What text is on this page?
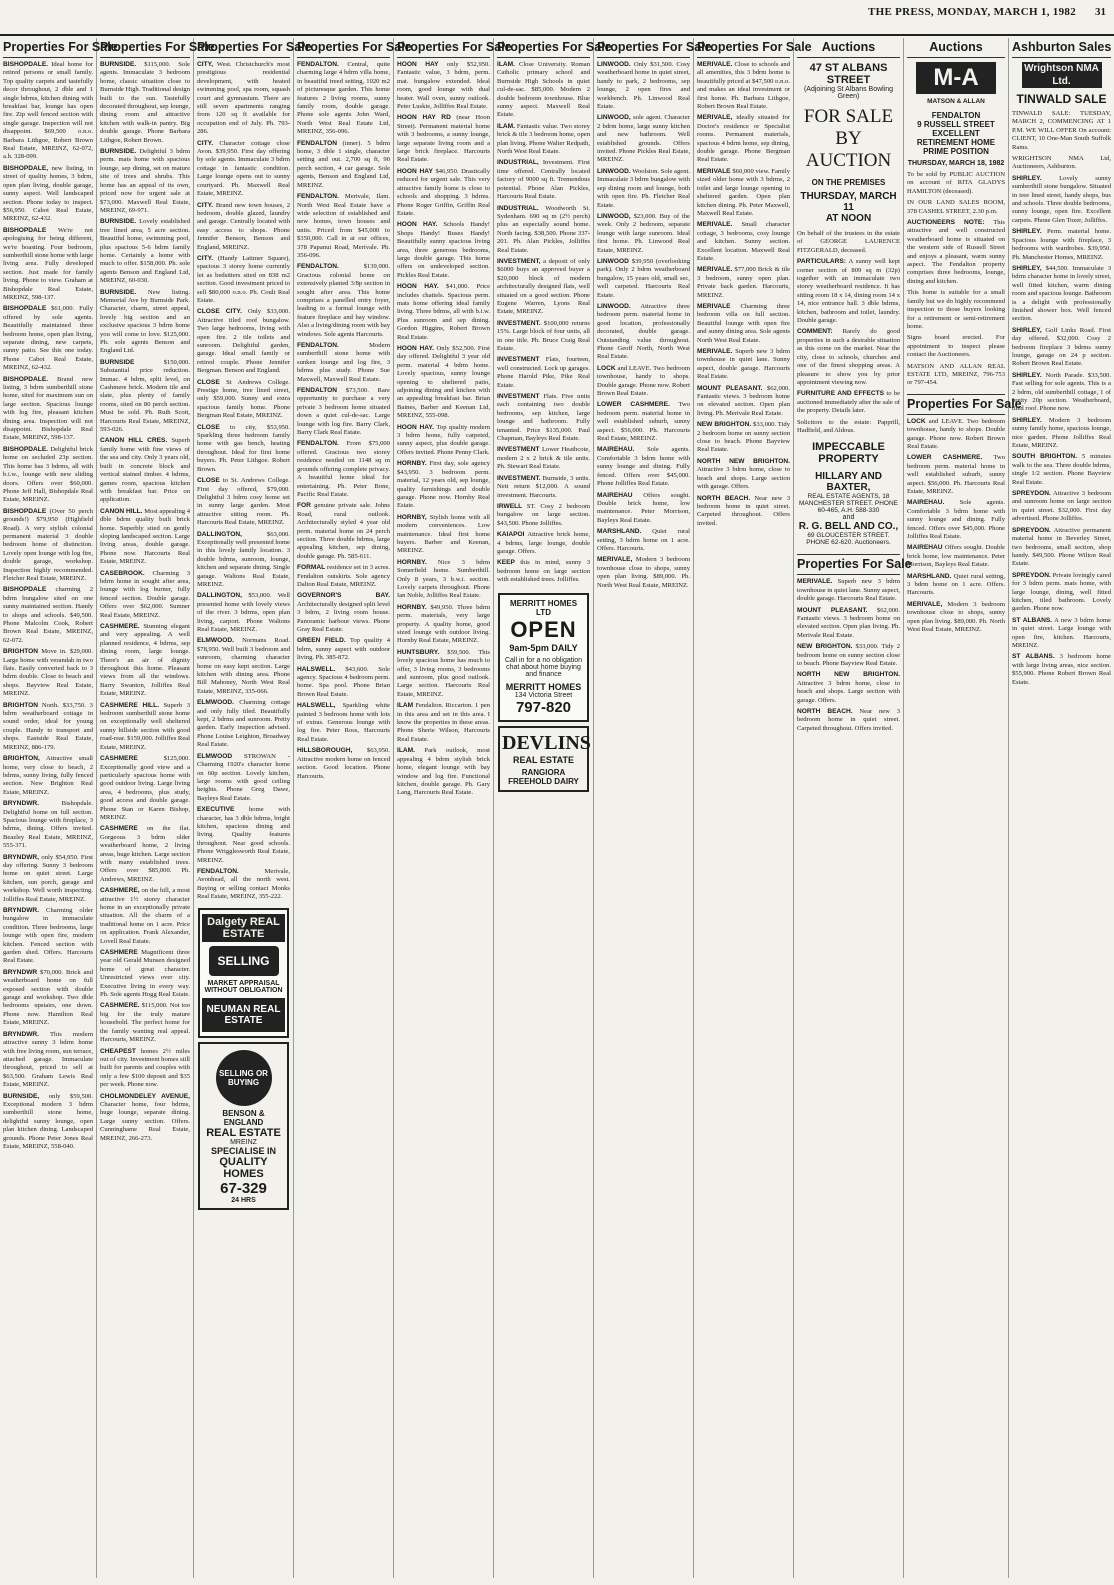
THE PRESS, MONDAY, MARCH 1, 1982 31
Properties For Sale

BISHOPDALE. Ideal home for retired persons or small family. Top quality carpets and tastefully decor throughout, 2 dble and 1 single bdrms, kitchen dining with breakfast bar, lounge has open fire. Zip well fenced section with single garage. Inspection will not disappoint. $69,500 o.n.o. Barbara Lithgoe, Robert Brown Real Estate, MREINZ, 62-072, a.h. 328-099.

BISHOPDALE, new listing, in street of quality homes, 3 bdrm, open plan living, double garage, sunny aspect. Well landscaped section. Phone today to inspect. $56,950. Cabot Real Estate, MREINZ, 62-432.

BISHOPDALE We're not apologising for being different, we're boasting. Four bedroom, sumberthill stone home with large living area. Fully developed section. Just made for family living. Phone to view. Graham at Bishopdale Real Estate, MREINZ, 598-137.

BISHOPDALE $61,000. Fully offered by sole agents. Beautifully maintained three bedroom home, open plan living, separate dining, new carpets, sunny patio. See this one today. Phone Cabot Real Estate, MREINZ, 62-432.

BISHOPDALE. Brand new listing, 3 bdrm sumberthill stone home, sited for maximum sun on large section. Spacious lounge with log fire, pleasant kitchen dining area. Inspection will not disappoint. Bishopdale Real Estate, MREINZ, 598-137.

BISHOPDALE. Delightful brick home on secluded 23p section. This home has 3 bdrms, all with b.i.w., lounge with new sliding doors. Offers over $60,000. Phone Jeff Hall, Bishopdale Real Estate, MREINZ.

BISHOPDALE (Over 50 perch grounds!) $79,950 (Highfield Road). A very stylish colonial permanent material 3 double bedroom home of distinction. Lovely open lounge with log fire, double garage, workshop. Inspection highly recommended. Fletcher Real Estate, MREINZ.

BISHOPDALE charming 2 bdrm bungalow sited on one sunny maintained section. Handy to shops and schools. $49,500. Phone Malcolm Cook, Robert Brown Real Estate, MREINZ, 62-072.

BRIGHTON Move in. $29,000. Large home with verandah in two flats. Easily converted back to 3 bdrm double. Close to beach and shops. Bayview Real Estate, MREINZ.

BRIGHTON North. $33,750. 3 bdrm weatherboard cottage in sound order, ideal for young couple. Handy to transport and shops. Eastside Real Estate, MREINZ, 886-179.

BRIGHTON, Attractive small home, very close to beach, 2 bdrms, sunny living, fully fenced section. New Brighton Real Estate, MREINZ.

BRYNDWR.	Bishopdale. Delightful home on full section. Spacious lounge with fireplace, 3 bdrms, dining. Offers invited. Beazley Real Estate, MREINZ, 555-371.

BRYNDWR, only $54,950. First day offering. Sunny 3 bedroom home on quiet street. Large kitchen, sun porch, garage and workshop. Well worth inspecting. Jolliffes Real Estate, MREINZ.

BRYNDWR. Charming older bungalow in immaculate condition. Three bedrooms, large lounge with open fire, modern kitchen. Fenced section with garden shed. Offers. Harcourts Real Estate.

BRYNDWR $70,000. Brick and weatherboard home on full exposed section with double garage and workshop. Two dble bedrooms upstairs, one down. Phone now. Hamilton Real Estate, MREINZ.

BRYNDWR. This modern attractive sunny 3 bdrm home with free living room, sun terrace, attached garage. Immaculate throughout, priced to sell at $63,500. Graham Lewis Real Estate, MREINZ.

BURNSIDE, only $59,500. Exceptional modern 3 bdrm sumberthill stone home, delightful sunny lounge, open plan kitchen dining. Landscaped grounds. Phone Peter Jones Real Estate, MREINZ, 558-040.

Properties For Sale

BURNSIDE. $115,000. Sole agents. Immaculate 3 bedroom home, classic situation close to Burnside High. Traditional design built to the sun. Tastefully decorated throughout, sep lounge, dining room and attractive kitchen with walk-in pantry. Big double garage. Phone Barbara Lithgoe, Robert Brown.

BURNSIDE. Delightful 3 bdrm perm. mats home with spacious lounge, sep dining, set on mature site of trees and shrubs. This home has an appeal of its own, priced now for urgent sale at $73,000. Maxwell Real Estate, MREINZ, 69-971.

BURNSIDE. Lovely established tree lined area, 5 acre section. Beautiful home, swimming pool, plus spacious 5-6 bdrm family home. Certainly a home with much to offer. $158,000. Ph. sole agents Benson and England Ltd, MREINZ, 60-030.

BURNSIDE. New listing. Memorial Ave by Burnside Park. Character, charm, street appeal, lovely big section and an exclusive spacious 3 bdrm home you will come to love. $125,000. Ph. sole agents Benson and England Ltd.

BURNSIDE	$150,000. Substantial price reduction. Immac. 4 bdrm, split level, on Cashmere brick. Modern tile and slate, plus plenty of family rooms, sited on 80 perch section. Must be sold. Ph. Ruth Scott, Harcourts Real Estate, MREINZ, 593-026.

CANON HILL CRES. Superb family home with fine views of the sea and city. Only 3 years old, built in concrete block and vertical stained timber. 4 bdrms, games room, spacious kitchen with breakfast bar. Price on application.

CANON HILL. Most appealing 4 dble bdrm quality built brick home. Superbly sited on gently sloping landscaped section. Large living areas, double garage. Phone now. Harcourts Real Estate, MREINZ.

CASEBROOK. Charming 3 bdrm home in sought after area, lounge with log burner, fully fenced section. Double garage. Offers over $62,000. Sumner Real Estate, MREINZ.

CASHMERE. Stunning elegant and very appealing. A well planned residence, 4 bdrms, sep dining room, large lounge. There's an air of dignity throughout this home. Pleasant views from all the windows. Barry Swanton, Jolliffes Real Estate, MREINZ.

CASHMERE HILL. Superb 3 bedroom sumberthill stone home on exceptionally well sheltered sunny hillside section with good road-rear. $159,000. Jolliffes Real Estate, MREINZ.

CASHMERE	$125,000. Exceptionally good view and a particularly spacious home with good outdoor living. Large living area, 4 bedrooms, plus study, good access and double garage. Phone Stan or Karen Bishop, MREINZ.

CASHMERE on the flat. Gorgeous 3 bdrm older weatherboard home, 2 living areas, huge kitchen. Large section with many established trees. Offers over $85,000. Ph. Andrews, MREINZ.

CASHMERE, on the hill, a most attractive 1½ storey character home in an exceptionally private situation. All the charm of a traditional home on 1 acre. Price on application. Frank Alexander, Lovell Real Estate.

CASHMERE Magnificent three year old Gerald Munsen designed home of great character. Unrestricted views over city. Executive living in every way. Ph. Sole agents Hogg Real Estate.

CASHMERE. $115,000. Not too big for the truly mature household. The perfect home for the family wanting real appeal. Harcourts, MREINZ.

CHEAPEST homes 2½ miles out of city. Investment homes still built for parents and couples with only a few $100 deposit and $35 per week. Phone now.

CHOLMONDELEY AVENUE, Character home, four bdrms, huge lounge, separate dining. Large sunny section. Offers. Cunninghame Real Estate, MREINZ, 266-273.

Properties For Sale

CITY, West. Christchurch's most prestigious residential development, with heated swimming pool, spa room, squash court and gymnasium. There are still seven apartments ranging from 120 sq ft available for occupation end of July. Ph. 793-286.

CITY. Character cottage close Avon. $39,950. First day offering by sole agents. Immaculate 3 bdrm cottage in fantastic condition. Large lounge opens out to sunny courtyard. Ph. Maxwell Real Estate, MREINZ.

CITY. Brand new town houses, 2 bedroom, double glazed, laundry and garage. Centrally located with easy access to shops. Phone Jennifer Benson, Benson and England, MREINZ.

CITY. (Handy Latimer Square), spacious 3 storey home currently let as bedsitters sited on 838 m2 section. Good investment priced to sell $80,000 o.n.o. Ph. Coult Real Estate.

CLOSE CITY. Only $33,000. Attractive tiled roof bungalow. Two large bedrooms, living with open fire. 2 tile toilets and sunroom. Delightful garden, garage. Ideal small family or retired couple. Phone Jennifer Bergman. Benson and England.

CLOSE St Andrews College. Prestige home, tree lined street, only $59,000. Sunny and extra spacious family home. Phone Bergman Real Estate, MREINZ.

CLOSE to city, $53,950. Sparkling three bedroom family home with gas bench, heating throughout. Ideal for first home buyers. Ph. Peter Lithgoe. Robert Brown.

CLOSE to St. Andrews College. First day offered, $79,000. Delightful 3 bdrm cosy home set in sunny large garden. Most attractive sitting room. Ph. Harcourts Real Estate, MREINZ.

DALLINGTON,	$63,000. Exceptionally well presented home in this lovely family location. 3 double bdrms, sunroom, lounge, kitchen and separate dining. Single garage. Waltons Real Estate, MREINZ.

DALLINGTON, $53,000. Well presented home with lovely views of the river. 3 bdrms, open plan living, carport. Phone Waltons Real Estate, MREINZ.

ELMWOOD. Normans Road. $78,950. Well built 3 bedroom and sunroom, charming character home on easy kept section. Large kitchen with dining area. Phone Bill Mahoney, North West Real Estate, MREINZ, 335-066.

ELMWOOD. Charming cottage and only fully tiled. Beautifully kept, 2 bdrms and sunroom. Pretty garden. Early inspection advised. Phone Louise Leighton, Broadway Real Estate.

ELMWOOD STROWAN - Charming 1920's character home on 60p section. Lovely kitchen, large rooms with good ceiling heights. Phone Greg Dawe, Bayleys Real Estate.

EXECUTIVE home with character, has 3 dble bdrms, bright kitchen, spacious dining and living. Quality features throughout. Near good schools. Phone Wrigglesworth Real Estate, MREINZ.

FENDALTON.	Merivale, Avonhead, all the north west. Buying or selling contact Monks Real Estate, MREINZ, 355-222.

Dalgety REAL ESTATE
SELLING
MARKET APPRAISAL WITHOUT OBLIGATION
NEUMAN REAL ESTATE
SELLING OR BUYING
BENSON & ENGLAND
REAL ESTATE
MREINZ
SPECIALISE IN
QUALITY HOMES
67-329
24 HRS
Properties For Sale

FENDALTON. Central, quite charming large 4 bdrm villa home, in beautiful treed setting, 1020 m2 of picturesque garden. This home features 2 living rooms, sunny family room, double garage. Phone sole agents John Ward, North West Real Estate Ltd, MREINZ, 356-096.

FENDALTON (inner). 5 bdrm home, 3 dble 1 single, character setting and out. 2,700 sq ft, 90 perch section, 4 car garage. Sole agents, Benson and England Ltd, MREINZ.

FENDALTON. Merivale, Ilam. North West Real Estate have a wide selection of established and new homes, town houses and units. Priced from $45,000 to $350,000. Call in at our offices, 378 Papanui Road, Merivale. Ph. 356-096.

FENDALTON.	$139,000. Gracious colonial home on extensively planted 3/8p section in sought after area. This home comprises a panelled entry foyer, leading to a formal lounge with feature fireplace and bay window. Also a living/dining room with bay windows. Sole agents Harcourts.

FENDALTON.	Modern sumberthill stone home with sunken lounge and log fire, 3 bdrms plus study. Phone Sue Maxwell, Maxwell Real Estate.

FENDALTON $73,500. Rare opportunity to purchase a very private 3 bedroom home situated down a quiet cul-de-sac. Large lounge with log fire. Barry Clark, Barry Clark Real Estate.

FENDALTON. From $75,000 offered. Gracious two storey residence nestled on 1148 sq m grounds offering complete privacy. A beautiful home ideal for entertaining. Ph. Peter Bone, Pacific Real Estate.

FOR genuine private sale. Johns Road, rural outlook. Architecturally styled 4 year old perm. material home on 24 perch section. Three double bdrms, large appealing kitchen, sep dining, double garage. Ph. 585-611.

FORMAL residence set in 3 acres. Fendalton outskirts. Sole agency Dalton Real Estate, MREINZ.

GOVERNOR'S BAY. Architecturally designed split level 3 bdrm, 2 living room house. Panoramic harbour views. Phone Gray Real Estate.

GREEN FIELD. Top quality 4 bdrm, sunny aspect with outdoor living. Ph. 385-872.

HALSWELL. $43,600. Sole agency. Spacious 4 bedroom perm. home. Spa pool. Phone Brian Brown Real Estate.

HALSWELL, Sparkling white painted 3 bedroom home with lots of extras. Generous lounge with log fire. Peter Ross, Harcourts Real Estate.

HILLSBOROUGH, $63,950. Attractive modern home on fenced section. Good location. Phone Harcourts.

Properties For Sale

HOON HAY only $52,950. Fantastic value, 3 bdrm, perm. mat. bungalow extended. Ideal room, good lounge with dual heater. Wall oven, sunny outlook. Peter Luskie, Jolliffes Real Estate.

HOON HAY RD (near Hoon Street). Permanent material home with 3 bedrooms, a sunny lounge, large separate living room and a large brick fireplace. Harcourts Real Estate.

HOON HAY $46,950. Drastically reduced for urgent sale. This very attractive family home is close to schools and shopping. 3 bdrms. Phone Roger Griffin, Griffin Real Estate.

HOON HAY. Schools Handy! Shops Handy! Buses Handy! Beautifully sunny spacious living area, three generous bedrooms, large double garage. This home offers on undeveloped section. Pickles Real Estate.

HOON HAY. $41,000. Price includes chattels. Spacious perm. mats home offering ideal family living. Three bdrms, all with b.i.w. Plus sunroom and sep dining. Gordon Higgins, Robert Brown Real Estate.

HOON HAY. Only $52,500. First day offered. Delightful 3 year old perm. material 4 bdrm home. Lovely spacious, sunny lounge opening to sheltered patio, adjoining dining and kitchen with an appealing breakfast bar. Brian Baines, Barber and Keenan Ltd, MREINZ, 555-098.

HOON HAY. Top quality modern 3 bdrm home, fully carpeted, sunny aspect, plus double garage. Offers invited. Phone Penny Clark.

HORNBY. First day, sole agency $43,950. 3 bedroom perm. material, 12 years old, sep lounge, quality furnishings and double garage. Phone now. Hornby Real Estate.

HORNBY, Stylish home with all modern conveniences. Low maintenance. Ideal first home buyers. Barber and Keenan, MREINZ.

HORNBY. Nice 3 bdrm Somerfield home. Sumberthill. Only 8 years, 3 b.w.i. section. Lovely carpets throughout. Phone Ian Noble, Jolliffes Real Estate.

HORNBY. $49,950. Three bdrm perm. materials, very large property. A quality home, good sized lounge with outdoor living. Hornby Real Estate, MREINZ.

HUNTSBURY. $59,500. This lovely spacious home has much to offer, 3 living rooms, 3 bedrooms and sunroom, plus good outlook. Large section. Harcourts Real Estate, MREINZ.

ILAM Fendalton. Riccarton. 1 pen in this area and set in this area. I know the properties in these areas. Phone Sherie Wilson, Harcourts Real Estate.

ILAM. Park outlook, most appealing 4 bdrm stylish brick home, elegant lounge with bay window and log fire. Functional kitchen, double garage. Ph. Gary Lang, Harcourts Real Estate.

Properties For Sale

ILAM. Close University. Roman Catholic primary school and Burnside High Schools in quiet cul-de-sac. $85,000. Modern 2 double bedroom townhouse. Blue sunny aspect. Maxwell Real Estate.

ILAM. Fantastic value. Two storey brick & tile 3 bedroom home, open plan living. Phone Walter Redpath, North West Real Estate.

INDUSTRIAL, Investment. First time offered. Centrally located factory of 9000 sq ft. Tremendous potential. Phone Alan Pickles, Harcourts Real Estate.

INDUSTRIAL. Woodworth St. Sydenham. 690 sq m (2½ perch) plus an especially sound home. North facing. $38,500. Phone 337-201. Ph. Alan Pickles, Jolliffes Real Estate.

INVESTMENT, a deposit of only $6000 buys an approved buyer a $20,000 block of modern architecturally designed flats, well situated on a good section. Phone Eugene Warren, Lyons Real Estate, MREINZ.

INVESTMENT. $100,000 returns 15%. Large block of four units, all in one title. Ph. Bruce Craig Real Estate.

INVESTMENT Flats, fourteen, well constructed. Lock up garages. Phone Harold Pike, Pike Real Estate.

INVESTMENT Flats. Five units each containing two double bedrooms, sep kitchen, large lounge and bathroom. Fully tenanted. Price $135,000. Paul Chapman, Bayleys Real Estate.

INVESTMENT Lower Heathcote, modern 2 x 2 brick & tile units. Ph. Stewart Real Estate.

INVESTMENT. Burnside, 3 units. Nett return $12,000. A sound investment. Harcourts.

IRWELL ST. Cosy 2 bedroom bungalow on large section. $43,500. Phone Jolliffes.

KAIAPOI Attractive brick home, 4 bdrms, large lounge, double garage. Offers.

KEEP this in mind, sunny 3 bedroom home on large section with established trees. Jolliffes.

MERRITT HOMES LTD
OPEN
9am-5pm DAILY
Call in for a no obligation chat about home buying and finance
MERRITT HOMES
134 Victoria Street
797-820
DEVLINS
REAL ESTATE
RANGIORA FREEHOLD DAIRY
Properties For Sale

LINWOOD. Only $31,500. Cosy weatherboard home in quiet street, handy to park, 2 bedrooms, sep lounge, 2 open fires and workbench. Ph. Linwood Real Estate.

LINWOOD, sole agent. Character 2 bdrm home, large sunny kitchen and new bathroom. Well established grounds. Offers invited. Phone Pickles Real Estate, MREINZ.

LINWOOD. Woolston. Sole agent. Immaculate 3 bdrm bungalow with sep dining room and lounge, both with open fire. Ph. Fletcher Real Estate.

LINWOOD, $23,000. Buy of the week. Only 2 bedroom, separate lounge with large sunroom. Ideal first home. Ph. Linwood Real Estate, MREINZ.

LINWOOD $39,950 (overlooking park). Only 2 bdrm weatherboard bungalow, 15 years old, small sec, well carpeted. Harcourts Real Estate.

LINWOOD. Attractive three bedroom perm. material home in good location, professionally decorated, double garage. Outstanding value throughout. Phone Geoff North, North West Real Estate.

LOCK and LEAVE. Two bedroom townhouse, handy to shops. Double garage. Phone now. Robert Brown Real Estate.

LOWER CASHMERE. Two bedroom perm. material home in well established suburb, sunny aspect. $56,000. Ph. Harcourts Real Estate, MREINZ.

MAIREHAU. Sole agents. Comfortable 3 bdrm home with sunny lounge and dining. Fully fenced. Offers over $45,000. Phone Jolliffes Real Estate.

MAIREHAU Offers sought. Double brick home, low maintenance. Peter Morrison, Bayleys Real Estate.

MARSHLAND. Quiet rural setting, 3 bdrm home on 1 acre. Offers. Harcourts.

MERIVALE, Modern 3 bedroom townhouse close to shops, sunny open plan living. $89,000. Ph. North West Real Estate, MREINZ.

Properties For Sale

MERIVALE. Close to schools and all amenities, this 3 bdrm home is beautifully priced at $47,500 o.n.o. and makes an ideal investment or first home. Ph. Barbara Lithgoe, Robert Brown Real Estate.

MERIVALE, ideally situated for Doctor's residence or Specialist rooms. Permanent materials, spacious 4 bdrm home, sep dining, double garage. Phone Bergman Real Estate.

MERIVALE $60,000 view. Family sized older home with 3 bdrms, 2 toilet and large lounge opening to sheltered garden. Open plan kitchen dining. Ph. Peter Maxwell, Maxwell Real Estate.

MERIVALE. Small character cottage, 3 bedrooms, cosy lounge and kitchen. Sunny section. Excellent location. Maxwell Real Estate.

MERIVALE. $77,000 Brick & tile 3 bedroom, sunny open plan. Private back garden. Harcourts, MREINZ.

MERIVALE Charming three bedroom villa on full section. Beautiful lounge with open fire and sunny dining area. Sole agents North West Real Estate.

MERIVALE. Superb new 3 bdrm townhouse in quiet lane. Sunny aspect, double garage. Harcourts Real Estate.

MOUNT PLEASANT. $62,000. Fantastic views. 3 bedroom home on elevated section. Open plan living. Ph. Merivale Real Estate.

NEW BRIGHTON. $33,000. Tidy 2 bedroom home on sunny section close to beach. Phone Bayview Real Estate.

NORTH NEW BRIGHTON. Attractive 3 bdrm home, close to beach and shops. Large section with garage. Offers.

NORTH BEACH. Near new 3 bedroom home in quiet street. Carpeted throughout. Offers invited.

Auctions
47 ST ALBANS STREET
(Adjoining St Albans Bowling Green)
FOR SALE BY AUCTION
ON THE PREMISES
THURSDAY, MARCH 11
AT NOON

On behalf of the trustees in the estate of GEORGE LAURENCE FITZGERALD, deceased.

PARTICULARS: A sunny well kept corner section of 809 sq m (32p) together with an immaculate two storey weatherboard residence. It has sitting room 18 x 14, dining room 14 x 14, nice entrance hall. 3 dble bdrms, kitchen, bathroom and toilet, laundry. Double garage.

COMMENT: Rarely do good properties in such a desirable situation as this come on the market. Near the city, close to schools, churches and one of the finest shopping areas. A pleasure to show you by prior appointment viewing now.

FURNITURE AND EFFECTS to be auctioned immediately after the sale of the property. Details later.

Solicitors to the estate: Papprill, Hadfield, and Aldous.

IMPECCABLE PROPERTY
HILLARY AND BAXTER,
REAL ESTATE AGENTS, 18 MANCHESTER STREET. PHONE 60-465, A.H. 588-330
and
R. G. BELL AND CO.,
69 GLOUCESTER STREET. PHONE 62-620. Auctioneers.
Properties For Sale

MERIVALE. Superb new 3 bdrm townhouse in quiet lane. Sunny aspect, double garage. Harcourts Real Estate.

MOUNT PLEASANT. $62,000. Fantastic views. 3 bedroom home on elevated section. Open plan living. Ph. Merivale Real Estate.

NEW BRIGHTON. $33,000. Tidy 2 bedroom home on sunny section close to beach. Phone Bayview Real Estate.

NORTH NEW BRIGHTON. Attractive 3 bdrm home, close to beach and shops. Large section with garage. Offers.

NORTH BEACH. Near new 3 bedroom home in quiet street. Carpeted throughout. Offers invited.

Auctions
M-A
MATSON & ALLAN
FENDALTON
9 RUSSELL STREET
EXCELLENT RETIREMENT HOME
PRIME POSITION
THURSDAY, MARCH 18, 1982

To be sold by PUBLIC AUCTION on account of RITA GLADYS HAMILTON (deceased).

IN OUR LAND SALES ROOM, 378 CASHEL STREET, 2.30 p.m.

AUCTIONEERS NOTE: This attractive and well constructed weatherboard home is situated on the western side of Russell Street and enjoys a pleasant, warm sunny aspect. The Fendalton property comprises three bedrooms, lounge, dining and kitchen.

This home is suitable for a small family but we do highly recommend inspection to those buyers looking for a retirement or semi-retirement home.

Signs board erected. For appointment to inspect please contact the Auctioneers.

MATSON AND ALLAN REAL ESTATE LTD, MREINZ, 796-753 or 797-454.

Properties For Sale

LOCK and LEAVE. Two bedroom townhouse, handy to shops. Double garage. Phone now. Robert Brown Real Estate.

LOWER CASHMERE. Two bedroom perm. material home in well established suburb, sunny aspect. $56,000. Ph. Harcourts Real Estate, MREINZ.

MAIREHAU. Sole agents. Comfortable 3 bdrm home with sunny lounge and dining. Fully fenced. Offers over $45,000. Phone Jolliffes Real Estate.

MAIREHAU Offers sought. Double brick home, low maintenance. Peter Morrison, Bayleys Real Estate.

MARSHLAND. Quiet rural setting, 3 bdrm home on 1 acre. Offers. Harcourts.

MERIVALE, Modern 3 bedroom townhouse close to shops, sunny open plan living. $89,000. Ph. North West Real Estate, MREINZ.

Ashburton Sales
Wrightson NMA Ltd.
TINWALD SALE

TINWALD SALE: TUESDAY, MARCH 2, COMMENCING AT 1 P.M. WE WILL OFFER On account: CLIENT, 10 One-Man South Suffolk Rams.

WRIGHTSON NMA Ltd, Auctioneers, Ashburton.

SHIRLEY.	Lovely sunny sumberthill stone bungalow. Situated in tree lined street, handy shops, bus and schools. Three double bedrooms, sunny lounge, open fire. Excellent carpets. Phone Glen Tozer, Jolliffes.

SHIRLEY. Perm. material home. Spacious lounge with fireplace, 3 bedrooms with wardrobes. $39,950. Ph. Manchester Homes, MREINZ.

SHIRLEY, $44,500. Immaculate 3 bdrm character home in lovely street, well fitted kitchen, warm dining room and spacious lounge. Bathroom is a delight with professionally finished shower box. Well fenced section.

SHIRLEY, Golf Links Road. First day offered. $32,000. Cosy 2 bedroom fireplace 3 bdrms sunny lounge, garage on 24 p section. Robert Brown Real Estate.

SHIRLEY. North Parade. $33,500. Fast selling for sole agents. This is a 2 bdrm, old sumberthill cottage, 1 of pretty 20p section. Weatherboard, tiled roof. Phone now.

SHIRLEY. Modern 3 bedroom sunny family home, spacious lounge, nice garden. Phone Jolliffes Real Estate, MREINZ.

SOUTH BRIGHTON. 5 minutes walk to the sea. Three double bdrms, single 1/2 section. Phone Bayview Real Estate.

SPREYDON. Attractive 3 bedroom and sunroom home on large section in quiet street. $32,000. First day advertised. Phone Jolliffes.

SPREYDON. Attractive permanent material home in Beverley Street, two bedrooms, small section, shop handy. $49,500. Phone Wilton Real Estate.

SPREYDON. Private lovingly cared for 3 bdrm perm. mats home, with large lounge, dining, well fitted kitchen, tiled bathroom. Lovely garden. Phone now.

ST ALBANS. A new 3 bdrm home in quiet street. Large lounge with open fire, kitchen. Harcourts, MREINZ.

ST ALBANS. 3 bedroom home with large living areas, nice section. $55,900. Phone Robert Brown Real Estate.
